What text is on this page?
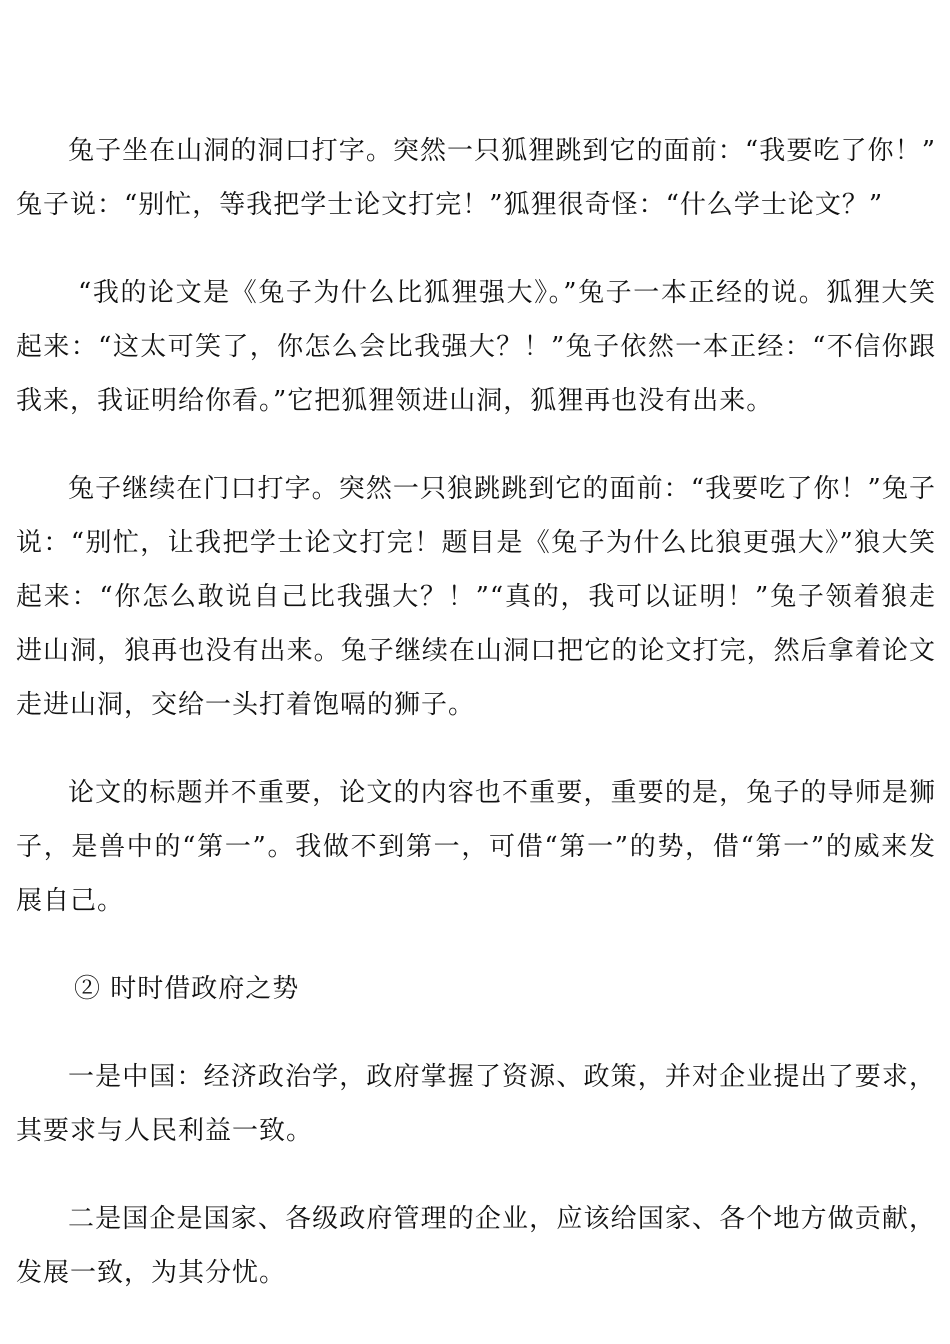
兔子坐在山洞的洞口打字。突然一只狐狸跳到它的面前：“我要吃了你！”兔子说：“别忙，等我把学士论文打完！”狐狸很奇怪：“什么学士论文？”

“我的论文是《兔子为什么比狐狸强大》。”兔子一本正经的说。狐狸大笑起来：“这太可笑了，你怎么会比我强大？！”兔子依然一本正经：“不信你跟我来，我证明给你看。”它把狐狸领进山洞，狐狸再也没有出来。

兔子继续在门口打字。突然一只狼跳跳到它的面前：“我要吃了你！”兔子说：“别忙，让我把学士论文打完！题目是《兔子为什么比狼更强大》”狼大笑起来：“你怎么敢说自己比我强大？！”“真的，我可以证明！”兔子领着狼走进山洞，狼再也没有出来。兔子继续在山洞口把它的论文打完，然后拿着论文走进山洞，交给一头打着饱嗝的狮子。

论文的标题并不重要，论文的内容也不重要，重要的是，兔子的导师是狮子，是兽中的“第一”。我做不到第一，可借“第一”的势，借“第一”的威来发展自己。

② 时时借政府之势

一是中国：经济政治学，政府掌握了资源、政策，并对企业提出了要求，其要求与人民利益一致。

二是国企是国家、各级政府管理的企业，应该给国家、各个地方做贡献，发展一致，为其分忧。
